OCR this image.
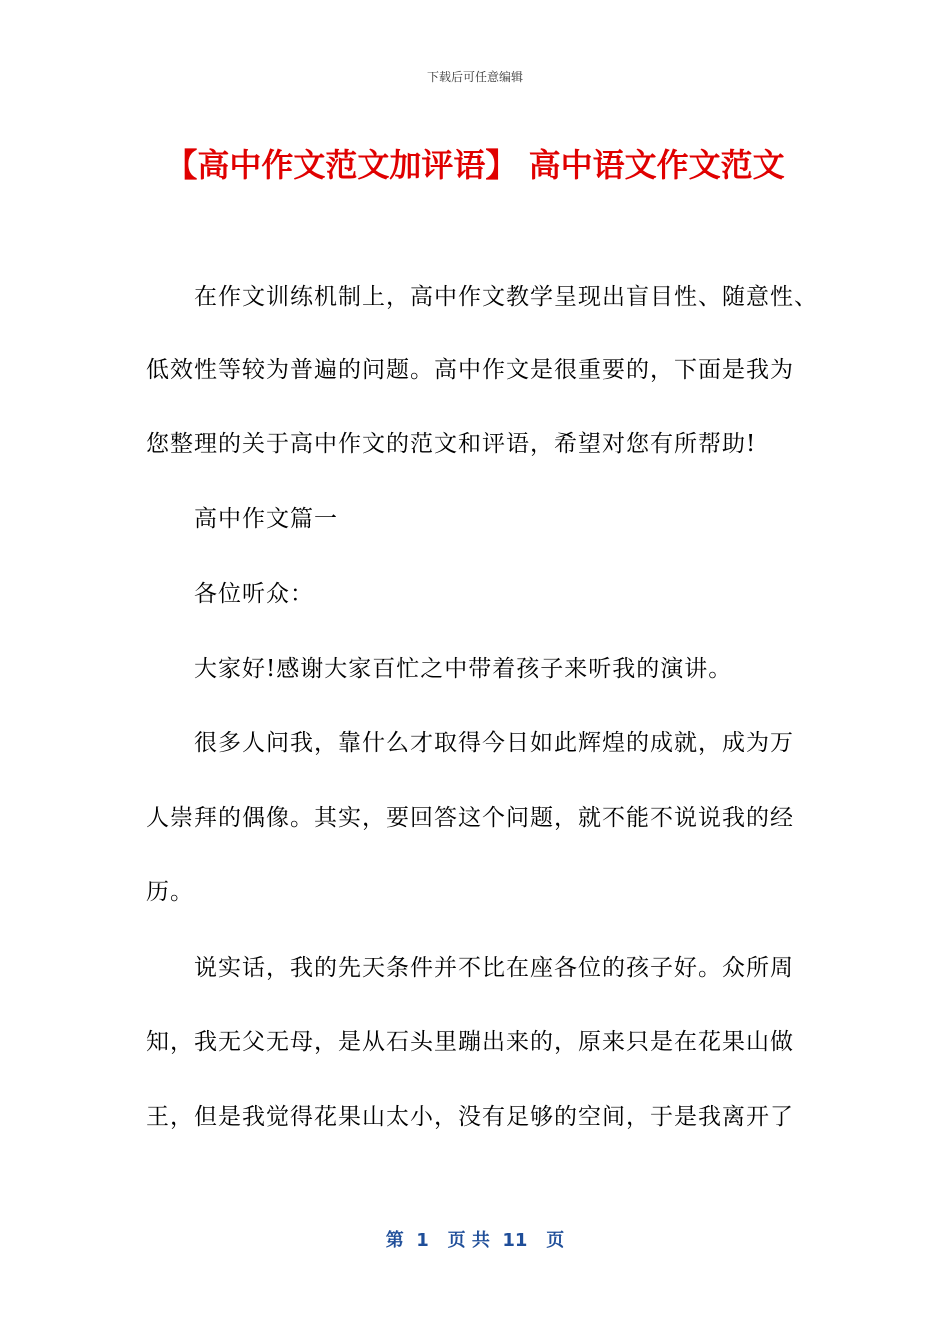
下载后可任意编辑
【高中作文范文加评语】 高中语文作文范文
在作文训练机制上，高中作文教学呈现出盲目性、随意性、
低效性等较为普遍的问题。高中作文是很重要的，下面是我为
您整理的关于高中作文的范文和评语，希望对您有所帮助!
高中作文篇一
各位听众：
大家好!感谢大家百忙之中带着孩子来听我的演讲。
很多人问我，靠什么才取得今日如此辉煌的成就，成为万
人崇拜的偶像。其实，要回答这个问题，就不能不说说我的经
历。
说实话，我的先天条件并不比在座各位的孩子好。众所周
知，我无父无母，是从石头里蹦出来的，原来只是在花果山做
王，但是我觉得花果山太小，没有足够的空间，于是我离开了
第  1   页 共  11   页
